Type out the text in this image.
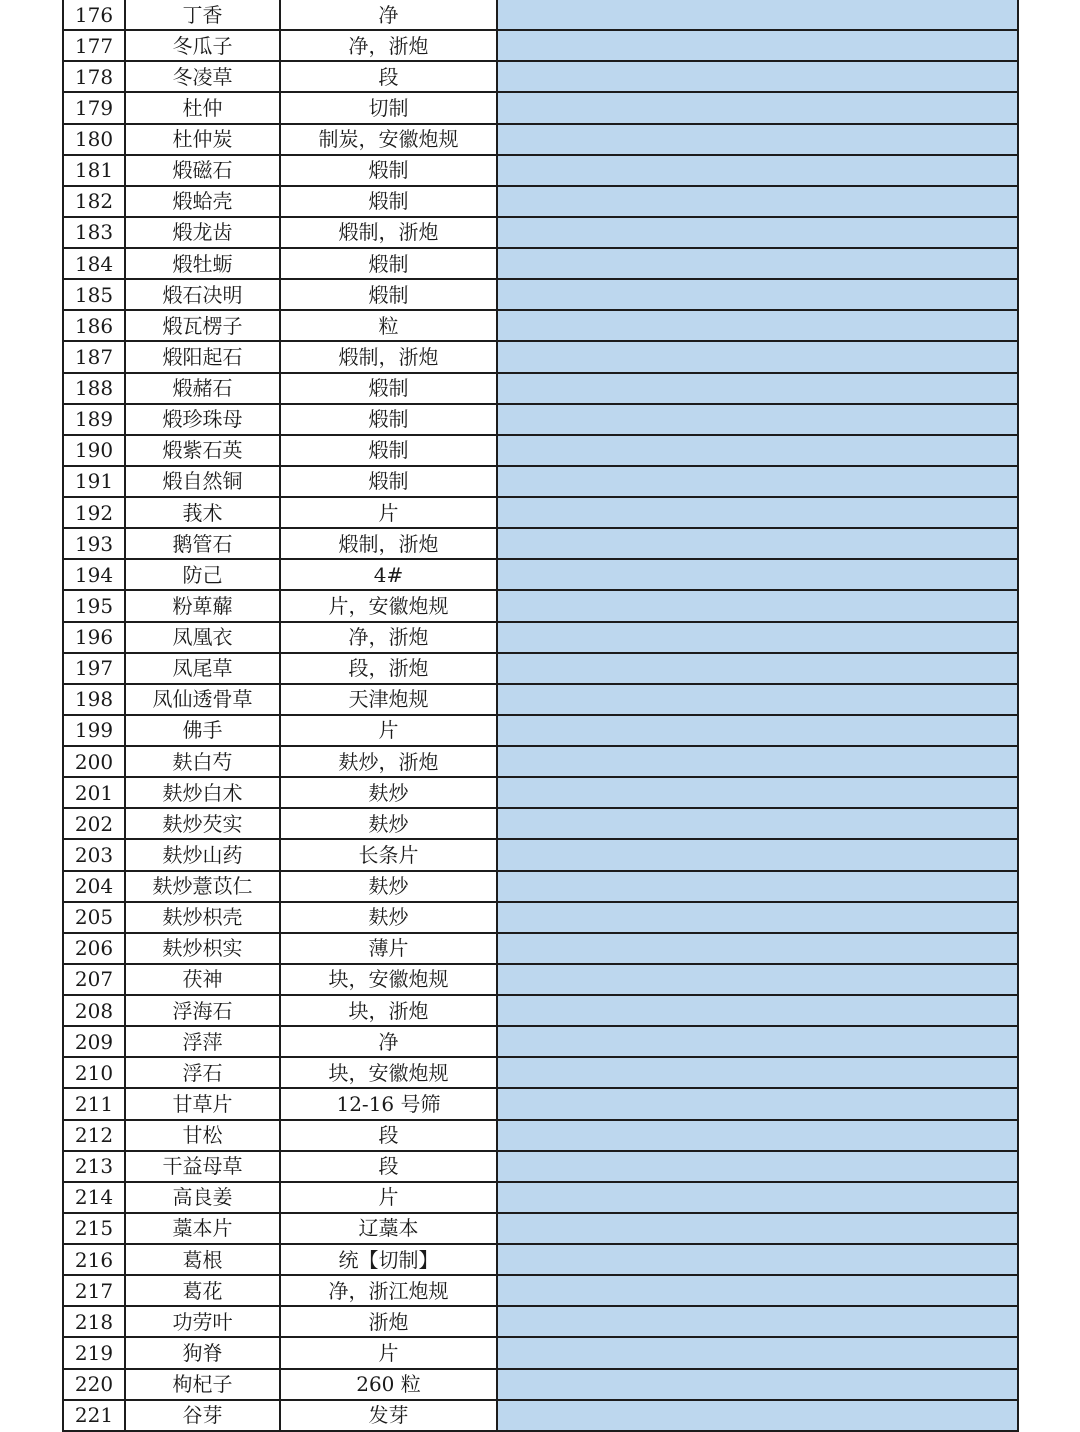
176	丁香	净	
177	冬瓜子	净，浙炮	
178	冬凌草	段	
179	杜仲	切制	
180	杜仲炭	制炭，安徽炮规	
181	煅磁石	煅制	
182	煅蛤壳	煅制	
183	煅龙齿	煅制，浙炮	
184	煅牡蛎	煅制	
185	煅石决明	煅制	
186	煅瓦楞子	粒	
187	煅阳起石	煅制，浙炮	
188	煅赭石	煅制	
189	煅珍珠母	煅制	
190	煅紫石英	煅制	
191	煅自然铜	煅制	
192	莪术	片	
193	鹅管石	煅制，浙炮	
194	防己	4#	
195	粉萆薢	片，安徽炮规	
196	凤凰衣	净，浙炮	
197	凤尾草	段，浙炮	
198	凤仙透骨草	天津炮规	
199	佛手	片	
200	麸白芍	麸炒，浙炮	
201	麸炒白术	麸炒	
202	麸炒芡实	麸炒	
203	麸炒山药	长条片	
204	麸炒薏苡仁	麸炒	
205	麸炒枳壳	麸炒	
206	麸炒枳实	薄片	
207	茯神	块，安徽炮规	
208	浮海石	块，浙炮	
209	浮萍	净	
210	浮石	块，安徽炮规	
211	甘草片	12-16 号筛	
212	甘松	段	
213	干益母草	段	
214	高良姜	片	
215	藁本片	辽藁本	
216	葛根	统【切制】	
217	葛花	净，浙江炮规	
218	功劳叶	浙炮	
219	狗脊	片	
220	枸杞子	260 粒	
221	谷芽	发芽	
